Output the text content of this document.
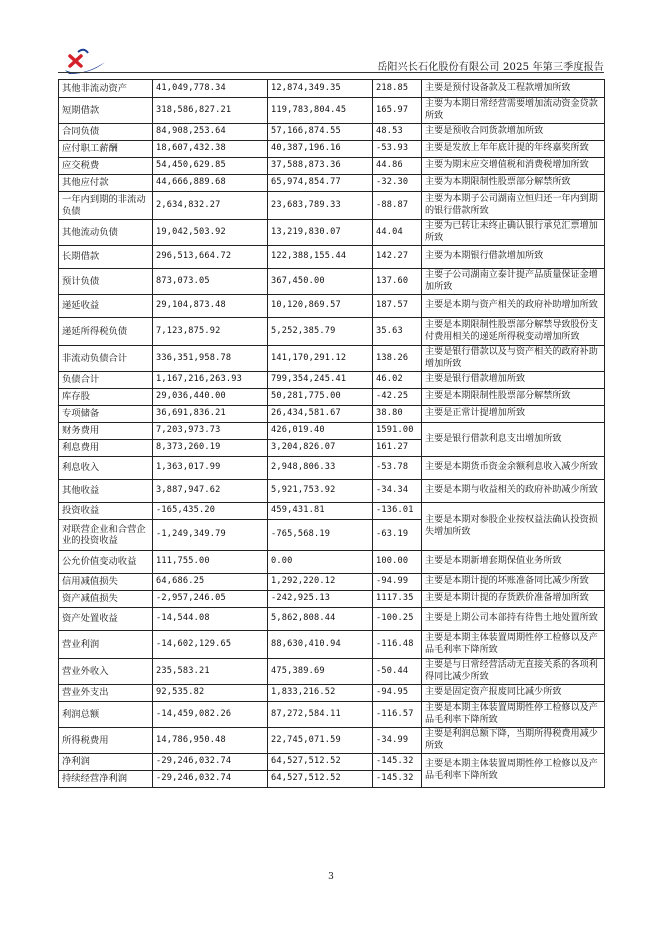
岳阳兴长石化股份有限公司 2025 年第三季度报告
其他非流动资产	41,049,778.34	12,874,349.35	218.85	主要是预付设备款及工程款增加所致
短期借款	318,586,827.21	119,783,804.45	165.97	主要为本期日常经营需要增加流动资金贷款所致
合同负债	84,908,253.64	57,166,874.55	48.53	主要是预收合同货款增加所致
应付职工薪酬	18,607,432.38	40,387,196.16	-53.93	主要是发放上年年底计提的年终嘉奖所致
应交税费	54,450,629.85	37,588,873.36	44.86	主要为期末应交增值税和消费税增加所致
其他应付款	44,666,889.68	65,974,854.77	-32.30	主要为本期限制性股票部分解禁所致
一年内到期的非流动负债	2,634,832.27	23,683,789.33	-88.87	主要为本期子公司湖南立恒归还一年内到期的银行借款所致
其他流动负债	19,042,503.92	13,219,830.07	44.04	主要为已转让未终止确认银行承兑汇票增加所致
长期借款	296,513,664.72	122,388,155.44	142.27	主要为本期银行借款增加所致
预计负债	873,073.05	367,450.00	137.60	主要子公司湖南立泰计提产品质量保证金增加所致
递延收益	29,104,873.48	10,120,869.57	187.57	主要是本期与资产相关的政府补助增加所致
递延所得税负债	7,123,875.92	5,252,385.79	35.63	主要是本期限制性股票部分解禁导致股份支付费用相关的递延所得税变动增加所致
非流动负债合计	336,351,958.78	141,170,291.12	138.26	主要是银行借款以及与资产相关的政府补助增加所致
负债合计	1,167,216,263.93	799,354,245.41	46.02	主要是银行借款增加所致
库存股	29,036,440.00	50,281,775.00	-42.25	主要是本期限制性股票部分解禁所致
专项储备	36,691,836.21	26,434,581.67	38.80	主要是正常计提增加所致
财务费用	7,203,973.73	426,019.40	1591.00	主要是银行借款利息支出增加所致
利息费用	8,373,260.19	3,204,826.07	161.27	
利息收入	1,363,017.99	2,948,806.33	-53.78	主要是本期货币资金余额利息收入减少所致
其他收益	3,887,947.62	5,921,753.92	-34.34	主要是本期与收益相关的政府补助减少所致
投资收益	-165,435.20	459,431.81	-136.01	主要是本期对参股企业按权益法确认投资损失增加所致
对联营企业和合营企业的投资收益	-1,249,349.79	-765,568.19	-63.19	
公允价值变动收益	111,755.00	0.00	100.00	主要是本期新增套期保值业务所致
信用减值损失	64,686.25	1,292,220.12	-94.99	主要是本期计提的坏账准备同比减少所致
资产减值损失	-2,957,246.05	-242,925.13	1117.35	主要是本期计提的存货跌价准备增加所致
资产处置收益	-14,544.08	5,862,808.44	-100.25	主要是上期公司本部持有待售土地处置所致
营业利润	-14,602,129.65	88,630,410.94	-116.48	主要是本期主体装置周期性停工检修以及产品毛利率下降所致
营业外收入	235,583.21	475,389.69	-50.44	主要是与日常经营活动无直接关系的各项利得同比减少所致
营业外支出	92,535.82	1,833,216.52	-94.95	主要是固定资产报废同比减少所致
利润总额	-14,459,082.26	87,272,584.11	-116.57	主要是本期主体装置周期性停工检修以及产品毛利率下降所致
所得税费用	14,786,950.48	22,745,071.59	-34.99	主要是利润总额下降，当期所得税费用减少所致
净利润	-29,246,032.74	64,527,512.52	-145.32	主要是本期主体装置周期性停工检修以及产品毛利率下降所致
持续经营净利润	-29,246,032.74	64,527,512.52	-145.32	
3
